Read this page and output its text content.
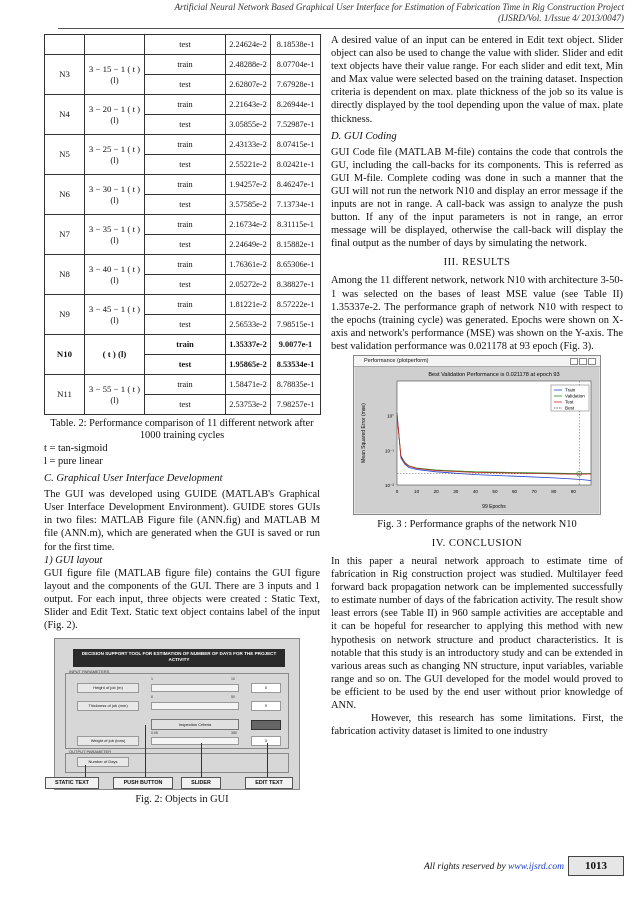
Artificial Neural Network Based Graphical User Interface for Estimation of Fabrication Time in Rig Construction Project
(IJSRD/Vol. 1/Issue 4/ 2013/0047)
		test	2.24624e-2	8.18538e-1
N3	3 − 15 − 1 ( t ) (l)	train	2.48288e-2	8.07704e-1
		test	2.62807e-2	7.67928e-1
N4	3 − 20 − 1 ( t ) (l)	train	2.21643e-2	8.26944e-1
		test	3.05855e-2	7.52987e-1
N5	3 − 25 − 1 ( t ) (l)	train	2.43133e-2	8.07415e-1
		test	2.55221e-2	8.02421e-1
N6	3 − 30 − 1 ( t ) (l)	train	1.94257e-2	8.46247e-1
		test	3.57585e-2	7.13734e-1
N7	3 − 35 − 1 ( t ) (l)	train	2.16734e-2	8.31115e-1
		test	2.24649e-2	8.15882e-1
N8	3 − 40 − 1 ( t ) (l)	train	1.76361e-2	8.65306e-1
		test	2.05272e-2	8.38827e-1
N9	3 − 45 − 1 ( t ) (l)	train	1.81221e-2	8.57222e-1
		test	2.56533e-2	7.98515e-1
N10	( t ) (l)	train	1.35337e-2	9.0077e-1
		test	1.95865e-2	8.53534e-1
N11	3 − 55 − 1 ( t ) (l)	train	1.58471e-2	8.78835e-1
		test	2.53753e-2	7.98257e-1
Table. 2: Performance comparison of 11 different network after 1000 training cycles
t = tan-sigmoid
l = pure linear
C. Graphical User Interface Development

The GUI was developed using GUIDE (MATLAB's Graphical User Interface Development Environment). GUIDE stores GUIs in two files: MATLAB Figure file (ANN.fig) and MATLAB M file (ANN.m), which are generated when the GUI is saved or run for the first time.

1) GUI layout

GUI figure file (MATLAB figure file) contains the GUI figure layout and the components of the GUI. There are 3 inputs and 1 output. For each input, three objects were created : Static Text, Slider and Edit Text. Static text object contains label of the input (Fig. 2).

DECISION SUPPORT TOOL FOR ESTIMATION OF NUMBER OF DAYS FOR THE PROJECT ACTIVITY
INPUT PARAMETERS
1	10
Height of job (m)	0
6	50
Thickness of job (mm)	0
Inspection Criteria
0.05	350
Weight of job (tons)	0
OUTPUT PARAMETER
Number of Days
STATIC TEXT	PUSH BUTTON	SLIDER	EDIT TEXT
Fig. 2: Objects in GUI

A desired value of an input can be entered in Edit text object. Slider object can also be used to change the value with slider. Slider and edit text objects have their value range. For each slider and edit text, Min and Max value were selected based on the training dataset. Inspection criteria is dependent on max. plate thickness of the job so its value is directly displayed by the tool depending upon the value of max. plate thickness.

D. GUI Coding

GUI Code file (MATLAB M-file) contains the code that controls the GU, including the call-backs for its components. This is referred as GUI M-file. Complete coding was done in such a manner that the GUI will not run the network N10 and display an error message if the inputs are not in range. A call-back was assign to analyze the push button. If any of the input parameters is not in range, an error message will be displayed, otherwise the call-back will display the final output as the number of days by simulating the network.

III. RESULTS

Among the 11 different network, network N10 with architecture 3-50-1 was selected on the bases of least MSE value (see Table II) 1.35337e-2. The performance graph of network N10 with respect to the epochs (training cycle) was generated. Epochs were shown on X-axis and network's performance (MSE) was shown on the Y-axis. The best validation performance was 0.021178 at 93 epoch (Fig. 3).

Performance (plotperform)
Best Validation Performance is 0.021178 at epoch 93
99 Epochs
Mean Squared Error (mse)
0	10	20	30	40	50	60	70	80	90
10°
10⁻¹
10⁻²
Train
Validation
Test
Best
Fig. 3 : Performance graphs of the network N10
IV. CONCLUSION

In this paper a neural network approach to estimate time of fabrication in Rig construction project was studied. Multilayer feed forward back propagation network can be implemented successfully to estimate number of days of the fabrication activity. The result show least errors (see Table II) in 960 sample activities are acceptable and it can be hopeful for researcher to applying this method with new hypothesis on network structure and product characteristics. It is notable that this study is an introductory study and can be extended in various areas such as changing NN structure, input variables, variable range and so on. The GUI developed for the model would proved to be efficient to be used by the end user without prior knowledge of ANN.

However, this research has some limitations. First, the fabrication activity dataset is limited to one industry

All rights reserved by www.ijsrd.com	1013
